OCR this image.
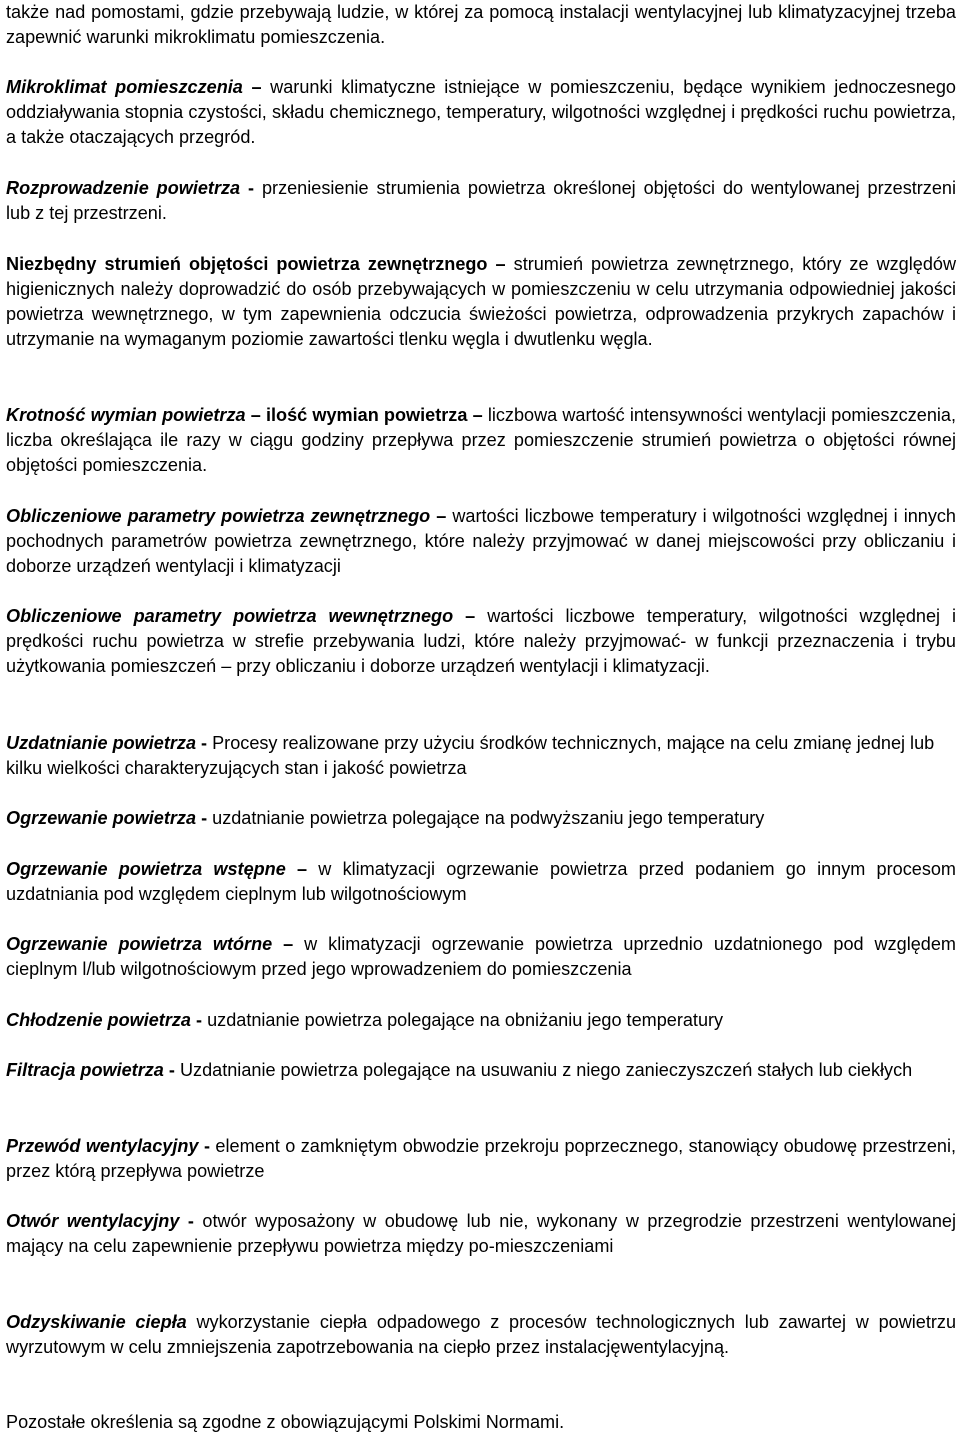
także nad pomostami, gdzie przebywają ludzie, w której za pomocą instalacji wentylacyjnej lub klimatyzacyjnej trzeba zapewnić warunki mikroklimatu pomieszczenia.

Mikroklimat pomieszczenia – warunki klimatyczne istniejące w pomieszczeniu, będące wynikiem jednoczesnego oddziaływania stopnia czystości, składu chemicznego, temperatury, wilgotności względnej i prędkości ruchu powietrza, a także otaczających przegród.

Rozprowadzenie powietrza - przeniesienie strumienia powietrza określonej objętości do wentylowanej przestrzeni lub z tej przestrzeni.

Niezbędny strumień objętości powietrza zewnętrznego – strumień powietrza zewnętrznego, który ze względów higienicznych należy doprowadzić do osób przebywających w pomieszczeniu w celu utrzymania odpowiedniej jakości powietrza wewnętrznego, w tym zapewnienia odczucia świeżości powietrza, odprowadzenia przykrych zapachów i utrzymanie na wymaganym poziomie zawartości tlenku węgla i dwutlenku węgla.

Krotność wymian powietrza – ilość wymian powietrza – liczbowa wartość intensywności wentylacji pomieszczenia, liczba określająca ile razy w ciągu godziny przepływa przez pomieszczenie strumień powietrza o objętości równej objętości pomieszczenia.

Obliczeniowe parametry powietrza zewnętrznego – wartości liczbowe temperatury i wilgotności względnej i innych pochodnych parametrów powietrza zewnętrznego, które należy przyjmować w danej miejscowości przy obliczaniu i doborze urządzeń wentylacji i klimatyzacji

Obliczeniowe parametry powietrza wewnętrznego – wartości liczbowe temperatury, wilgotności względnej i prędkości ruchu powietrza w strefie przebywania ludzi, które należy przyjmować- w funkcji przeznaczenia i trybu użytkowania pomieszczeń – przy obliczaniu i doborze urządzeń wentylacji i klimatyzacji.

Uzdatnianie powietrza - Procesy realizowane przy użyciu środków technicznych, mające na celu zmianę jednej lub kilku wielkości charakteryzujących stan i jakość powietrza

Ogrzewanie powietrza - uzdatnianie powietrza polegające na podwyższaniu jego temperatury

Ogrzewanie powietrza wstępne – w klimatyzacji ogrzewanie powietrza przed podaniem go innym procesom uzdatniania pod względem cieplnym lub wilgotnościowym

Ogrzewanie powietrza wtórne – w klimatyzacji ogrzewanie powietrza uprzednio uzdatnionego pod względem cieplnym l/lub wilgotnościowym przed jego wprowadzeniem do pomieszczenia

Chłodzenie powietrza - uzdatnianie powietrza polegające na obniżaniu jego temperatury

Filtracja powietrza - Uzdatnianie powietrza polegające na usuwaniu z niego zanieczyszczeń stałych lub ciekłych

Przewód wentylacyjny - element o zamkniętym obwodzie przekroju poprzecznego, stanowiący obudowę przestrzeni, przez którą przepływa powietrze

Otwór wentylacyjny - otwór wyposażony w obudowę lub nie, wykonany w przegrodzie przestrzeni wentylowanej mający na celu zapewnienie przepływu powietrza między po-mieszczeniami

Odzyskiwanie ciepła wykorzystanie ciepła odpadowego z procesów technologicznych lub zawartej w powietrzu wyrzutowym w celu zmniejszenia zapotrzebowania na ciepło przez instalacjęwentylacyjną.

Pozostałe określenia są zgodne z obowiązującymi Polskimi Normami.
